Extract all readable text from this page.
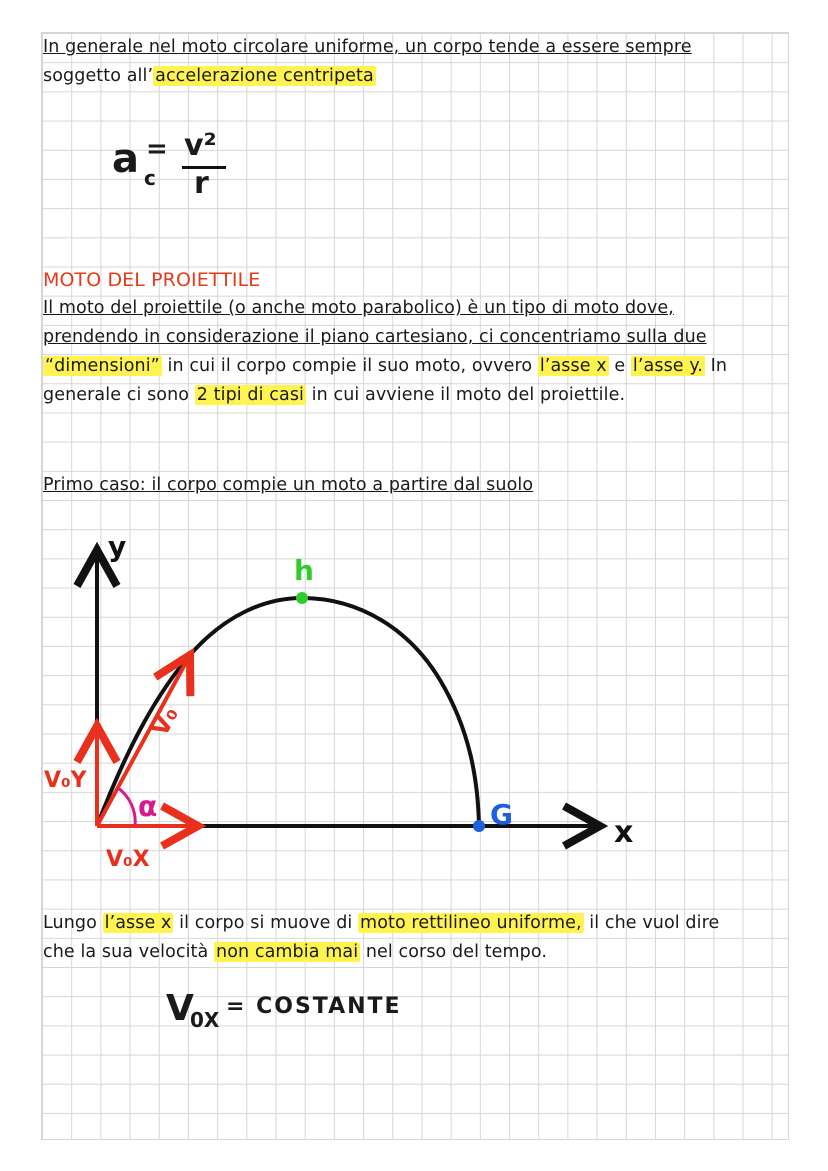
In generale nel moto circolare uniforme, un corpo tende a essere sempre
soggetto all’ accelerazione centripeta
a c
= v²
r
MOTO DEL PROIETTILE
Il moto del proiettile (o anche moto parabolico) è un tipo di moto dove,
prendendo in considerazione il piano cartesiano, ci concentriamo sulla due
“dimensioni” in cui il corpo compie il suo moto, ovvero l’asse x e l’asse y. In
generale ci sono 2 tipi di casi in cui avviene il moto del proiettile.
Primo caso: il corpo compie un moto a partire dal suolo
y
x
h
G
V₀
V₀Y
V₀X
α
Lungo l’asse x il corpo si muove di moto rettilineo uniforme, il che vuol dire
che la sua velocità non cambia mai nel corso del tempo.
V
0X
= COSTANTE
